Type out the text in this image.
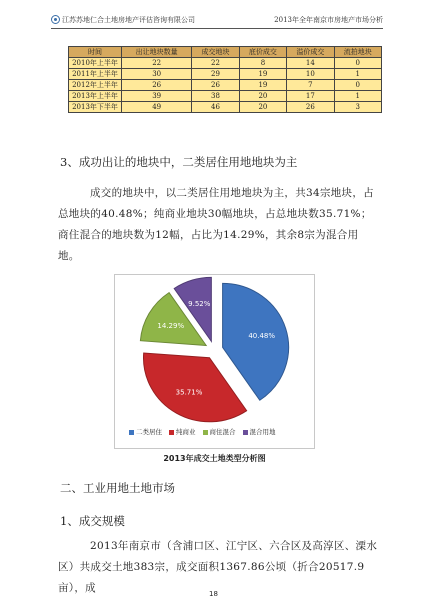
江苏苏地仁合土地房地产评估咨询有限公司	2013年全年南京市房地产市场分析
时间	出让地块数量	成交地块	底价成交	溢价成交	流拍地块
2010年上半年	22	22	8	14	0
2011年上半年	30	29	19	10	1
2012年上半年	26	26	19	7	0
2013年上半年	39	38	20	17	1
2013年下半年	49	46	20	26	3
3、成功出让的地块中，二类居住用地地块为主
成交的地块中，以二类居住用地地块为主，共34宗地块，占总地块的40.48%；纯商业地块30幅地块，占总地块数35.71%；商住混合的地块数为12幅，占比为14.29%，其余8宗为混合用地。
40.48%
35.71%
14.29%
9.52%
二类居住 纯商业 商住混合 混合用地
2013年成交土地类型分析图
二、工业用地土地市场
1、成交规模
2013年南京市（含浦口区、江宁区、六合区及高淳区、溧水区）共成交土地383宗，成交面积1367.86公顷（折合20517.9亩），成	18
